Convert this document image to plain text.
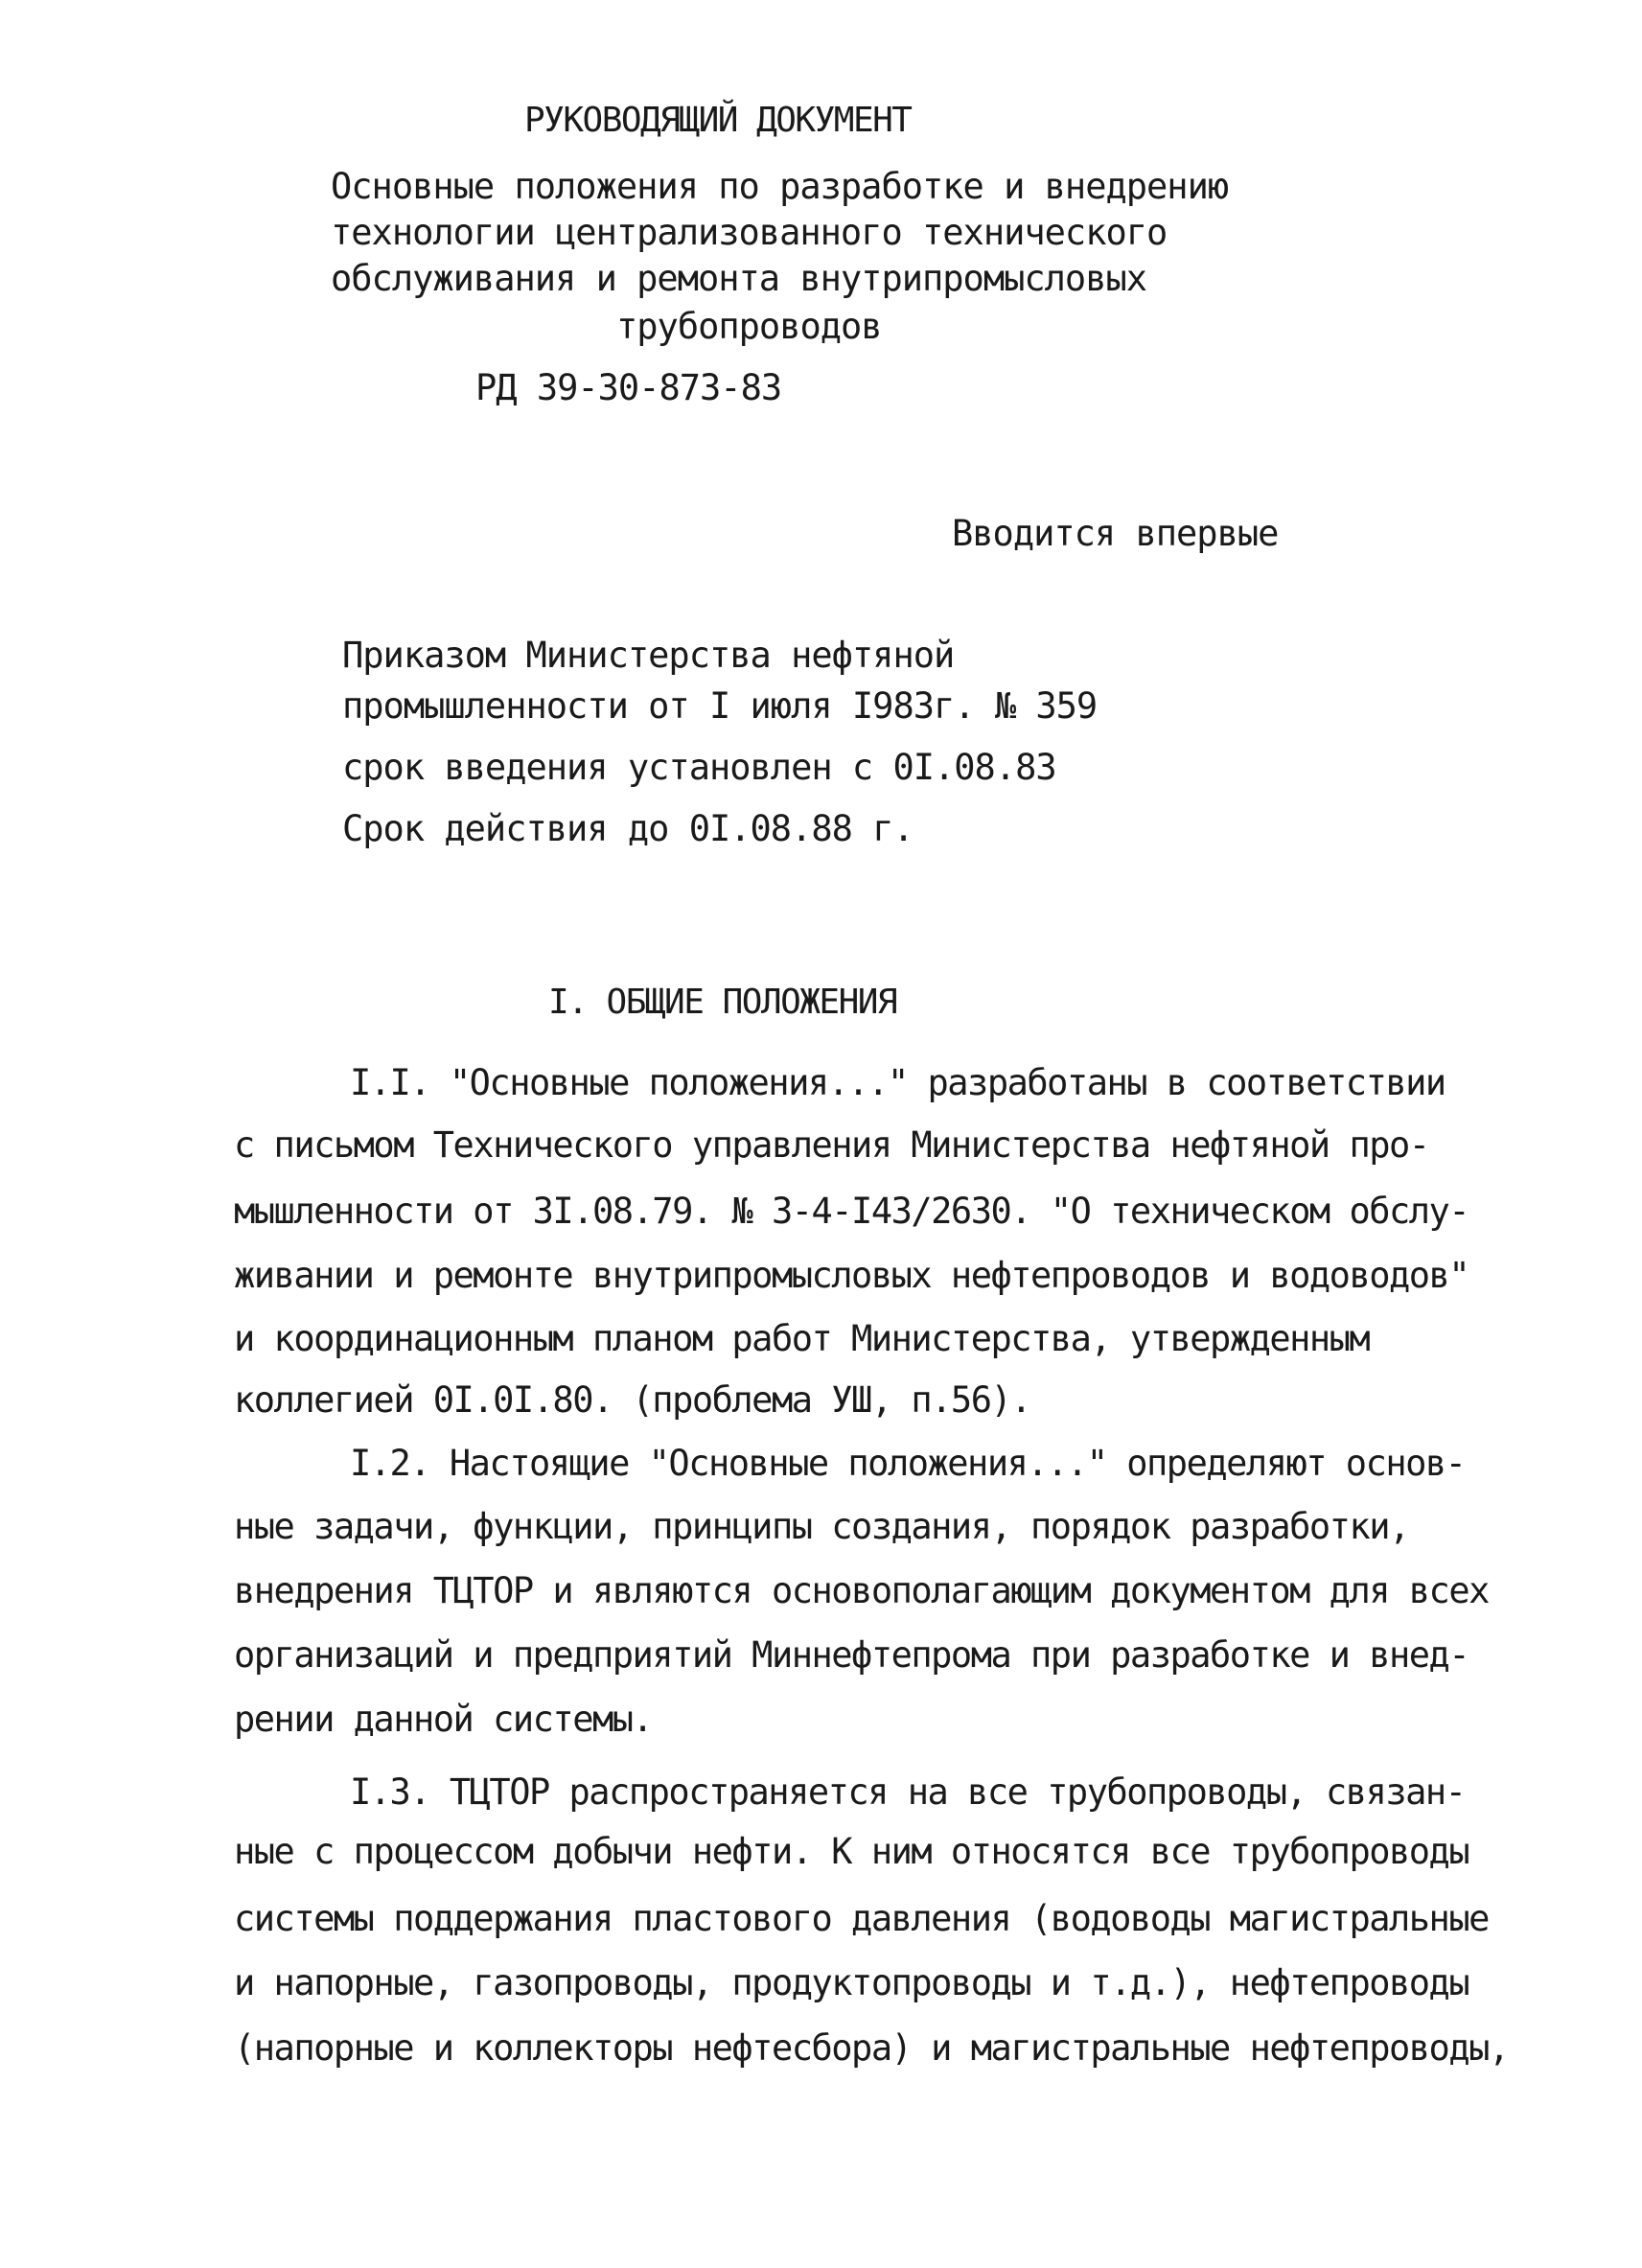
РУКОВОДЯЩИЙ ДОКУМЕНТ
Основные положения по разработке и внедрению
технологии централизованного технического
обслуживания и ремонта внутрипромысловых
трубопроводов
РД 39-30-873-83
Вводится впервые
Приказом Министерства нефтяной
промышленности от I июля I983г. № 359
срок введения установлен с 0I.08.83
Срок действия до 0I.08.88 г.
I. ОБЩИЕ ПОЛОЖЕНИЯ
I.I. "Основные положения..." разработаны в соответствии
с письмом Технического управления Министерства нефтяной про-
мышленности от 3I.08.79. № 3-4-I43/2630. "О техническом обслу-
живании и ремонте внутрипромысловых нефтепроводов и водоводов"
и координационным планом работ Министерства, утвержденным
коллегией 0I.0I.80. (проблема УШ, п.56).
I.2. Настоящие "Основные положения..." определяют основ-
ные задачи, функции, принципы создания, порядок разработки,
внедрения ТЦТОР и являются основополагающим документом для всех
организаций и предприятий Миннефтепрома при разработке и внед-
рении данной системы.
I.3. ТЦТОР распространяется на все трубопроводы, связан-
ные с процессом добычи нефти. К ним относятся все трубопроводы
системы поддержания пластового давления (водоводы магистральные
и напорные, газопроводы, продуктопроводы и т.д.), нефтепроводы
(напорные и коллекторы нефтесбора) и магистральные нефтепроводы,
